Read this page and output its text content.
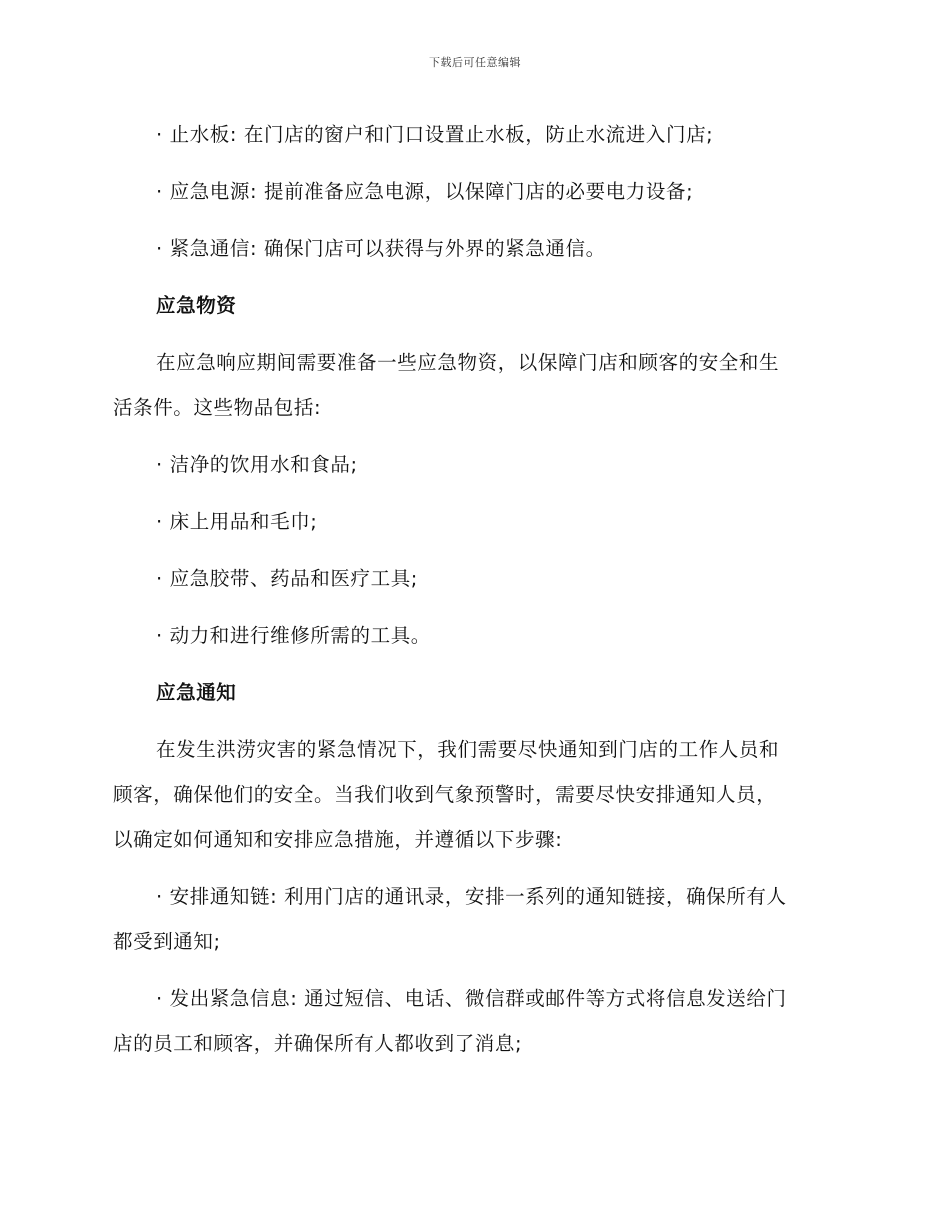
下载后可任意编辑
· 止水板: 在门店的窗户和门口设置止水板，防止水流进入门店;
· 应急电源: 提前准备应急电源，以保障门店的必要电力设备;
· 紧急通信: 确保门店可以获得与外界的紧急通信。
应急物资
在应急响应期间需要准备一些应急物资，以保障门店和顾客的安全和生
活条件。这些物品包括:
· 洁净的饮用水和食品;
· 床上用品和毛巾;
· 应急胶带、药品和医疗工具;
· 动力和进行维修所需的工具。
应急通知
在发生洪涝灾害的紧急情况下，我们需要尽快通知到门店的工作人员和
顾客，确保他们的安全。当我们收到气象预警时，需要尽快安排通知人员，
以确定如何通知和安排应急措施，并遵循以下步骤:
· 安排通知链: 利用门店的通讯录，安排一系列的通知链接，确保所有人
都受到通知;
· 发出紧急信息: 通过短信、电话、微信群或邮件等方式将信息发送给门
店的员工和顾客，并确保所有人都收到了消息;
